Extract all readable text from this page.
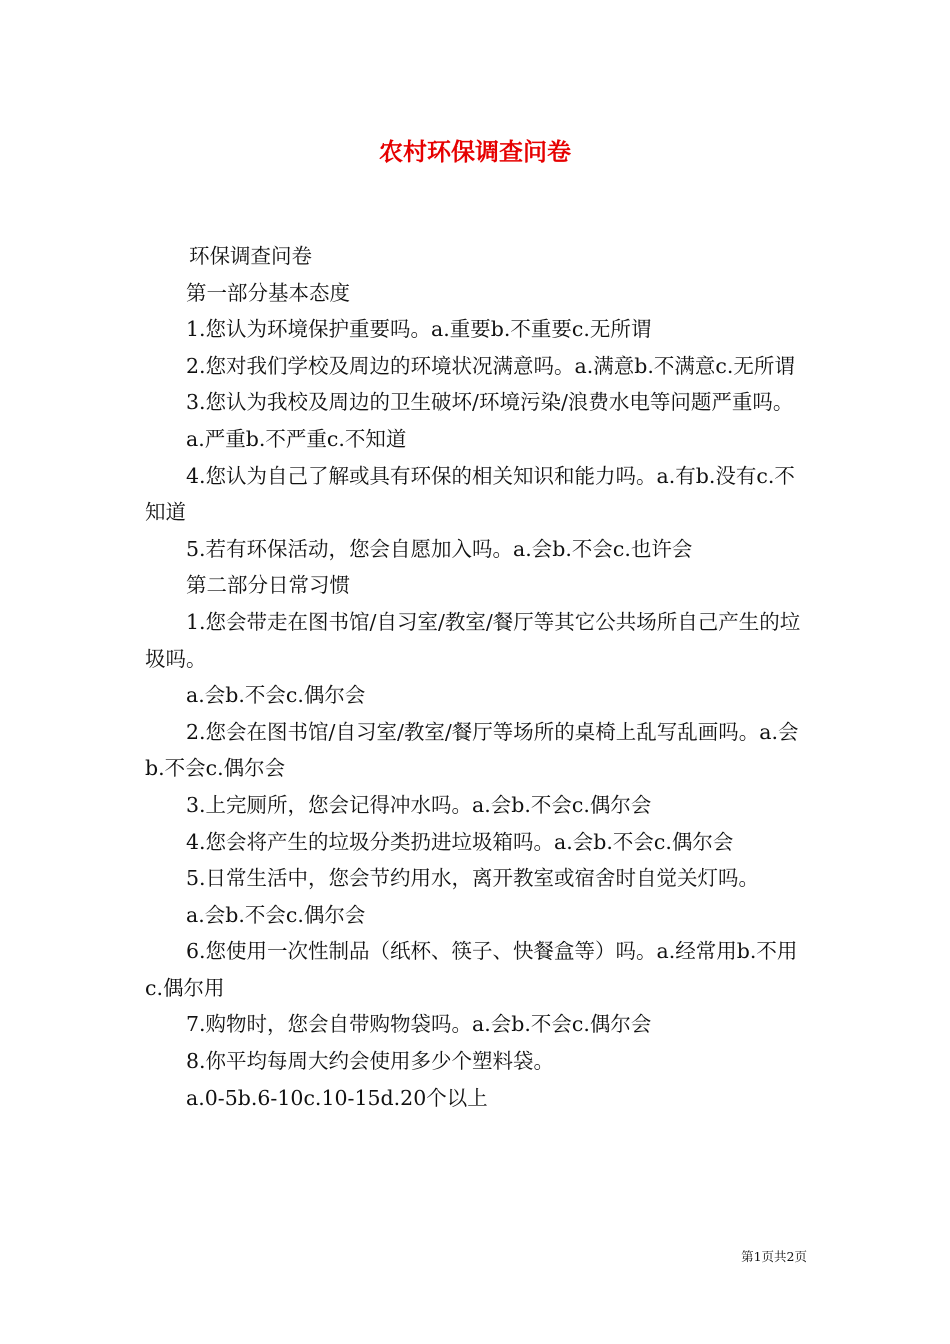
农村环保调查问卷

环保调查问卷

第一部分基本态度

1.您认为环境保护重要吗。a.重要b.不重要c.无所谓

2.您对我们学校及周边的环境状况满意吗。a.满意b.不满意c.无所谓

3.您认为我校及周边的卫生破坏/环境污染/浪费水电等问题严重吗。

a.严重b.不严重c.不知道

4.您认为自己了解或具有环保的相关知识和能力吗。a.有b.没有c.不知道

5.若有环保活动，您会自愿加入吗。a.会b.不会c.也许会

第二部分日常习惯

1.您会带走在图书馆/自习室/教室/餐厅等其它公共场所自己产生的垃圾吗。

a.会b.不会c.偶尔会

2.您会在图书馆/自习室/教室/餐厅等场所的桌椅上乱写乱画吗。a.会b.不会c.偶尔会

3.上完厕所，您会记得冲水吗。a.会b.不会c.偶尔会

4.您会将产生的垃圾分类扔进垃圾箱吗。a.会b.不会c.偶尔会

5.日常生活中，您会节约用水，离开教室或宿舍时自觉关灯吗。

a.会b.不会c.偶尔会

6.您使用一次性制品（纸杯、筷子、快餐盒等）吗。a.经常用b.不用c.偶尔用

7.购物时，您会自带购物袋吗。a.会b.不会c.偶尔会

8.你平均每周大约会使用多少个塑料袋。

a.0-5b.6-10c.10-15d.20个以上

第1页共2页
